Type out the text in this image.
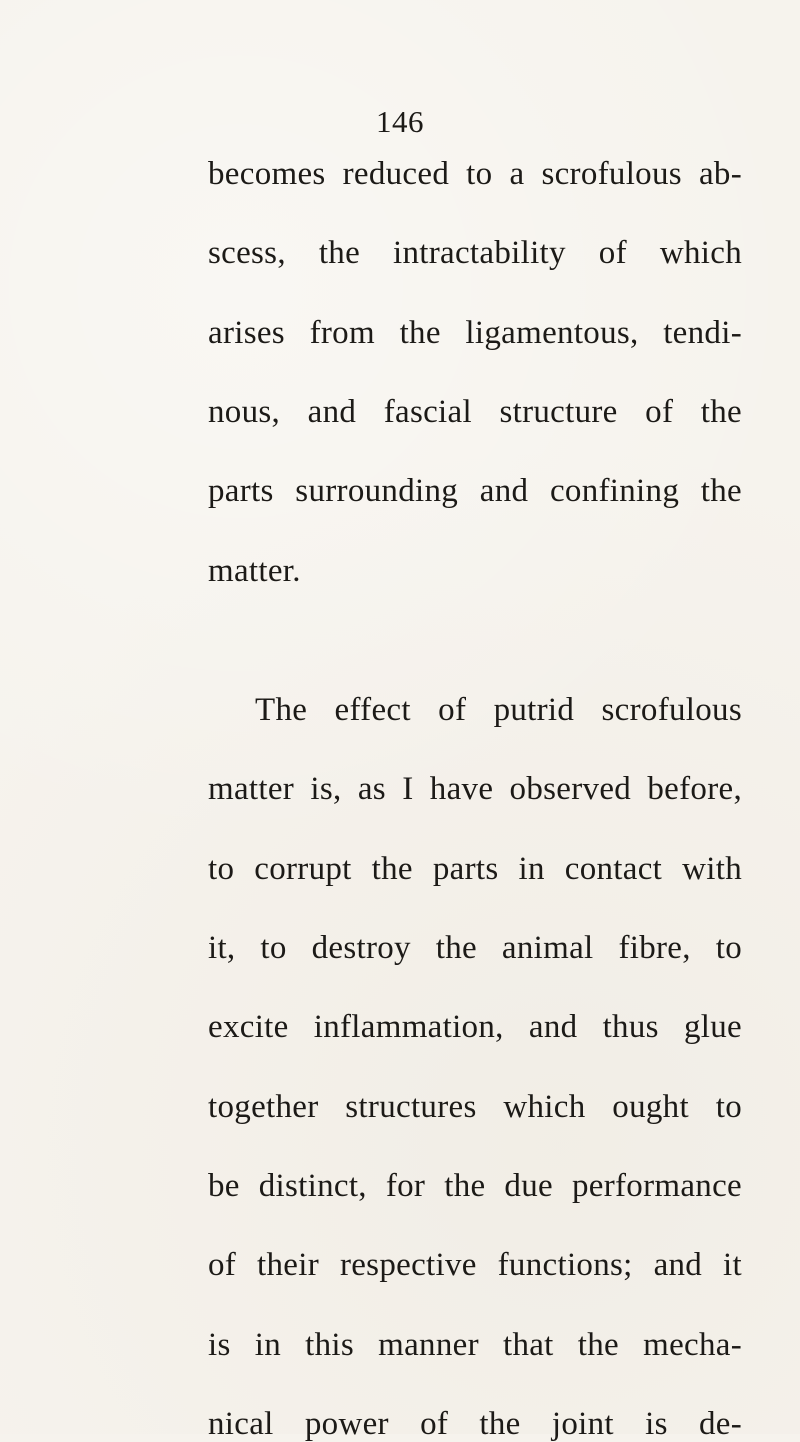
146
becomes reduced to a scrofulous ab-
scess, the intractability of which
arises from the ligamentous, tendi-
nous, and fascial structure of the
parts surrounding and confining the
matter.
The effect of putrid scrofulous
matter is, as I have observed before,
to corrupt the parts in contact with
it, to destroy the animal fibre, to
excite inflammation, and thus glue
together structures which ought to
be distinct, for the due performance
of their respective functions; and it
is in this manner that the mecha-
nical power of the joint is de-
